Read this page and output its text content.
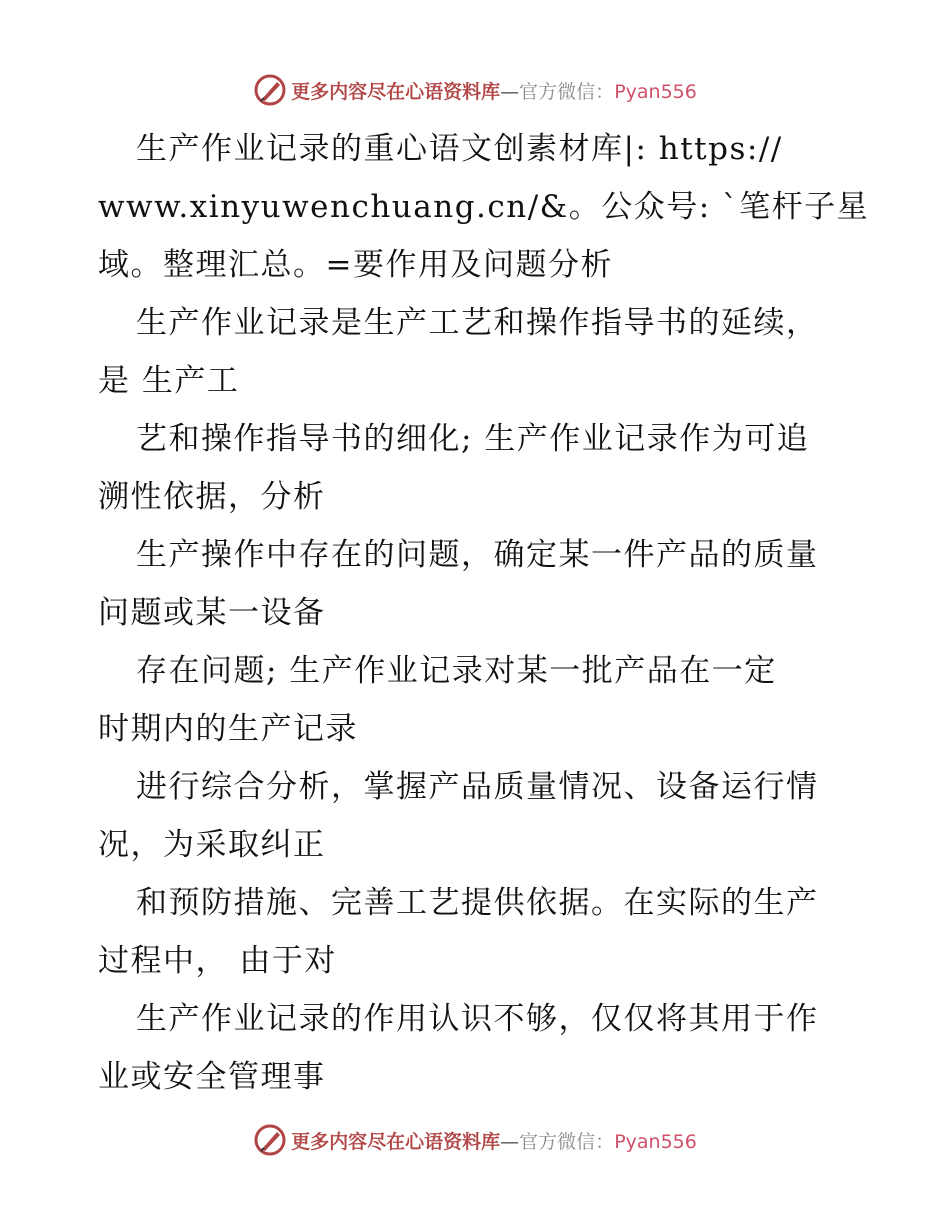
更多内容尽在心语资料库—官方微信：Pyan556
生产作业记录的重心语文创素材库|: https://
www.xinyuwenchuang.cn/&。公众号: `笔杆子星
域。整理汇总。=要作用及问题分析
生产作业记录是生产工艺和操作指导书的延续，
是 生产工
艺和操作指导书的细化; 生产作业记录作为可追
溯性依据，分析
生产操作中存在的问题，确定某一件产品的质量
问题或某一设备
存在问题; 生产作业记录对某一批产品在一定
时期内的生产记录
进行综合分析，掌握产品质量情况、设备运行情
况，为采取纠正
和预防措施、完善工艺提供依据。在实际的生产
过程中， 由于对
生产作业记录的作用认识不够，仅仅将其用于作
业或安全管理事
更多内容尽在心语资料库—官方微信：Pyan556
